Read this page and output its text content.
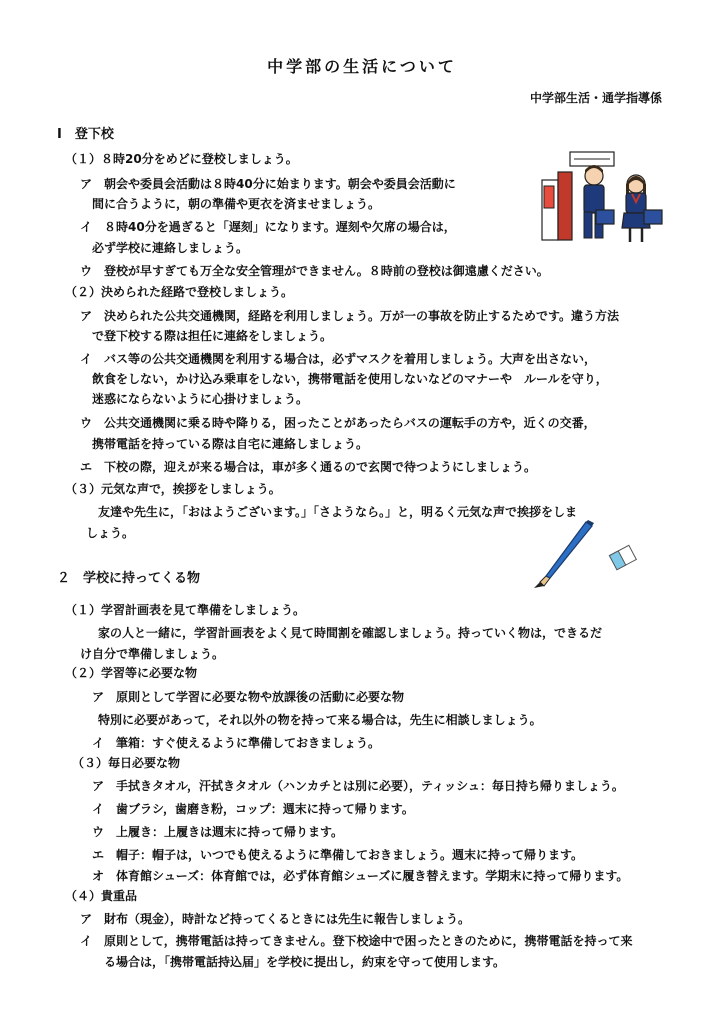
中学部の生活について
中学部生活・通学指導係
Ⅰ　登下校
（１）８時20分をめどに登校しましょう。
ア　朝会や委員会活動は８時40分に始まります。朝会や委員会活動に
間に合うように，朝の準備や更衣を済ませましょう。
イ　８時40分を過ぎると「遅刻」になります。遅刻や欠席の場合は，
必ず学校に連絡しましょう。
ウ　登校が早すぎても万全な安全管理ができません。８時前の登校は御遠慮ください。
（２）決められた経路で登校しましょう。
ア　決められた公共交通機関，経路を利用しましょう。万が一の事故を防止するためです。違う方法
で登下校する際は担任に連絡をしましょう。
イ　バス等の公共交通機関を利用する場合は，必ずマスクを着用しましょう。大声を出さない，
飲食をしない，かけ込み乗車をしない，携帯電話を使用しないなどのマナーや　ルールを守り，
迷惑にならないように心掛けましょう。
ウ　公共交通機関に乗る時や降りる，困ったことがあったらバスの運転手の方や，近くの交番，
携帯電話を持っている際は自宅に連絡しましょう。
エ　下校の際，迎えが来る場合は，車が多く通るので玄関で待つようにしましょう。
（３）元気な声で，挨拶をしましょう。
友達や先生に，「おはようございます。」「さようなら。」と，明るく元気な声で挨拶をしま
しょう。
２　学校に持ってくる物
（１）学習計画表を見て準備をしましょう。
家の人と一緒に，学習計画表をよく見て時間割を確認しましょう。持っていく物は，できるだ
け自分で準備しましょう。
（２）学習等に必要な物
ア　原則として学習に必要な物や放課後の活動に必要な物
特別に必要があって，それ以外の物を持って来る場合は，先生に相談しましょう。
イ　筆箱：すぐ使えるように準備しておきましょう。
（３）毎日必要な物
ア　手拭きタオル，汗拭きタオル（ハンカチとは別に必要），ティッシュ：毎日持ち帰りましょう。
イ　歯ブラシ，歯磨き粉，コップ：週末に持って帰ります。
ウ　上履き：上履きは週末に持って帰ります。
エ　帽子：帽子は，いつでも使えるように準備しておきましょう。週末に持って帰ります。
オ　体育館シューズ：体育館では，必ず体育館シューズに履き替えます。学期末に持って帰ります。
（４）貴重品
ア　財布（現金），時計など持ってくるときには先生に報告しましょう。
イ　原則として，携帯電話は持ってきません。登下校途中で困ったときのために，携帯電話を持って来
る場合は，「携帯電話持込届」を学校に提出し，約束を守って使用します。
